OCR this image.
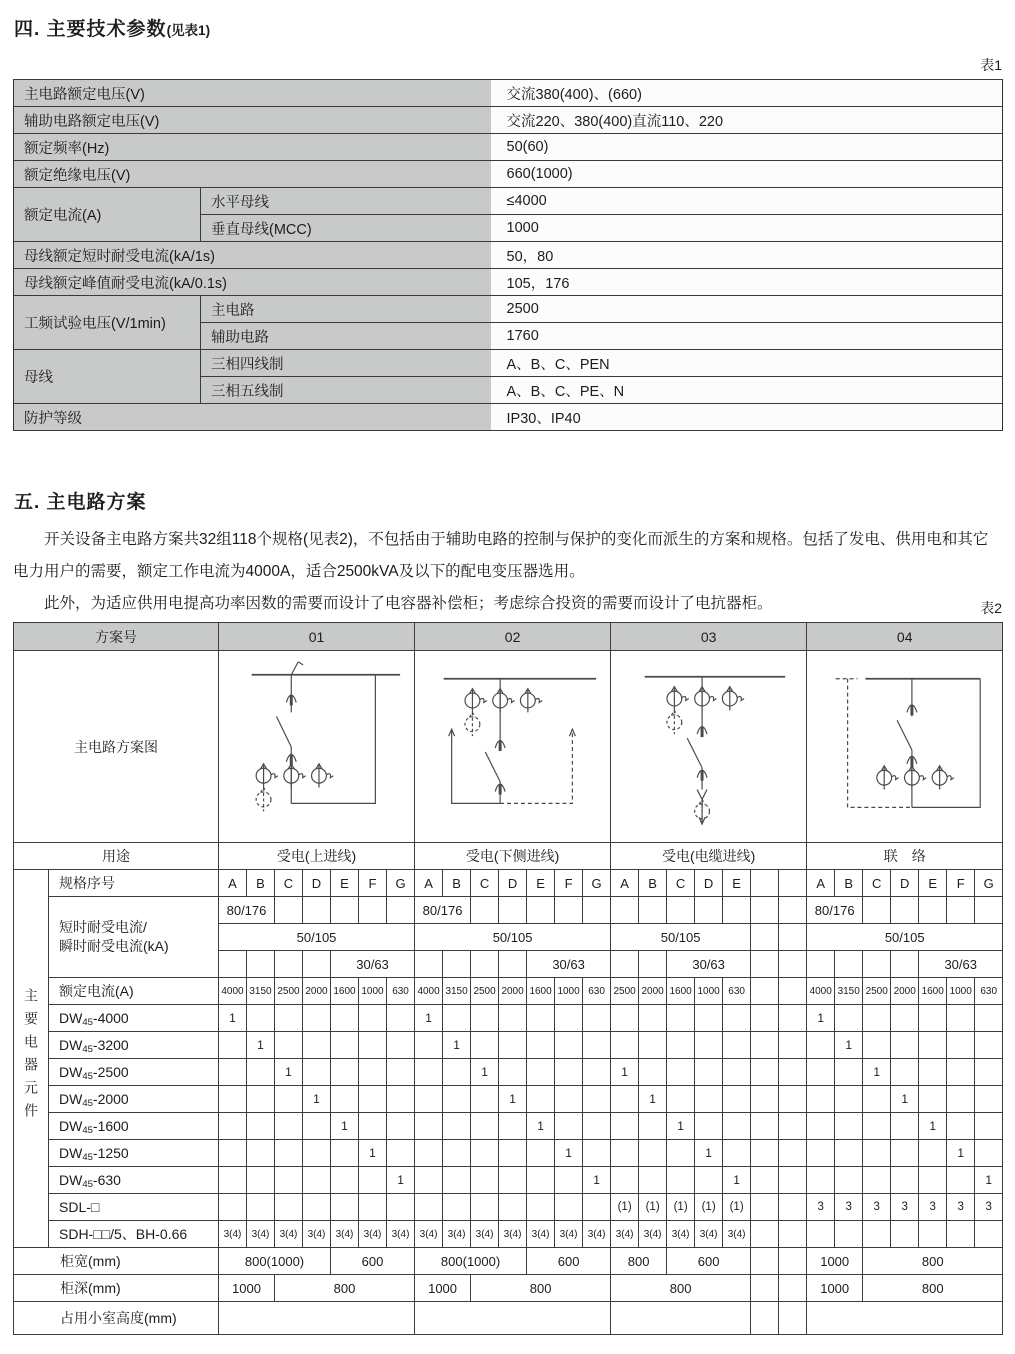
四. 主要技术参数(见表1)
表1
主电路额定电压(V)		交流380(400)、(660)
辅助电路额定电压(V)		交流220、380(400)直流110、220
额定频率(Hz)		50(60)
额定绝缘电压(V)		660(1000)
额定电流(A)	水平母线	≤4000
	垂直母线(MCC)	1000
母线额定短时耐受电流(kA/1s)		50，80
母线额定峰值耐受电流(kA/0.1s)		105，176
工频试验电压(V/1min)	主电路	2500
	辅助电路	1760
母线	三相四线制	A、B、C、PEN
	三相五线制	A、B、C、PE、N
防护等级		IP30、IP40
五. 主电路方案

开关设备主电路方案共32组118个规格(见表2)，不包括由于辅助电路的控制与保护的变化而派生的方案和规格。包括了发电、供用电和其它电力用户的需要，额定工作电流为4000A，适合2500kVA及以下的配电变压器选用。

此外，为适应供用电提高功率因数的需要而设计了电容器补偿柜；考虑综合投资的需要而设计了电抗器柜。	表2
方案号		01							02							03							04						
主电路方案图	

用途		受电(上进线)							受电(下侧进线)							受电(电缆进线)							联　络						
主要电器元件	规格序号	A	B	C	D	E	F	G	A	B	C	D	E	F	G	A	B	C	D	E			A	B	C	D	E	F	G

	短时耐受电流/
瞬时耐受电流(kA)	80/176							80/176														80/176						
		50/105							50/105							50/105							50/105						
						30/63							30/63					30/63									30/63		
	额定电流(A)	4000	3150	2500	2000	1600	1000	630	4000	3150	2500	2000	1600	1000	630	2500	2000	1600	1000	630			4000	3150	2500	2000	1600	1000	630
	DW45-4000	1							1														1						
	DW45-3200		1							1														1					
	DW45-2500			1							1					1									1				
	DW45-2000				1							1					1									1			
	DW45-1600					1							1					1									1		
	DW45-1250						1							1					1									1	
	DW45-630							1							1					1									1
	SDL-□															(1)	(1)	(1)	(1)	(1)			3	3	3	3	3	3	3
	SDH-□□/5、BH-0.66	3(4)	3(4)	3(4)	3(4)	3(4)	3(4)	3(4)	3(4)	3(4)	3(4)	3(4)	3(4)	3(4)	3(4)	3(4)	3(4)	3(4)	3(4)	3(4)									
柜宽(mm)		800(1000)				600			800(1000)				600			800		600					1000		800				
柜深(mm)		1000		800					1000		800					800							1000		800				
占用小室高度(mm)																													
